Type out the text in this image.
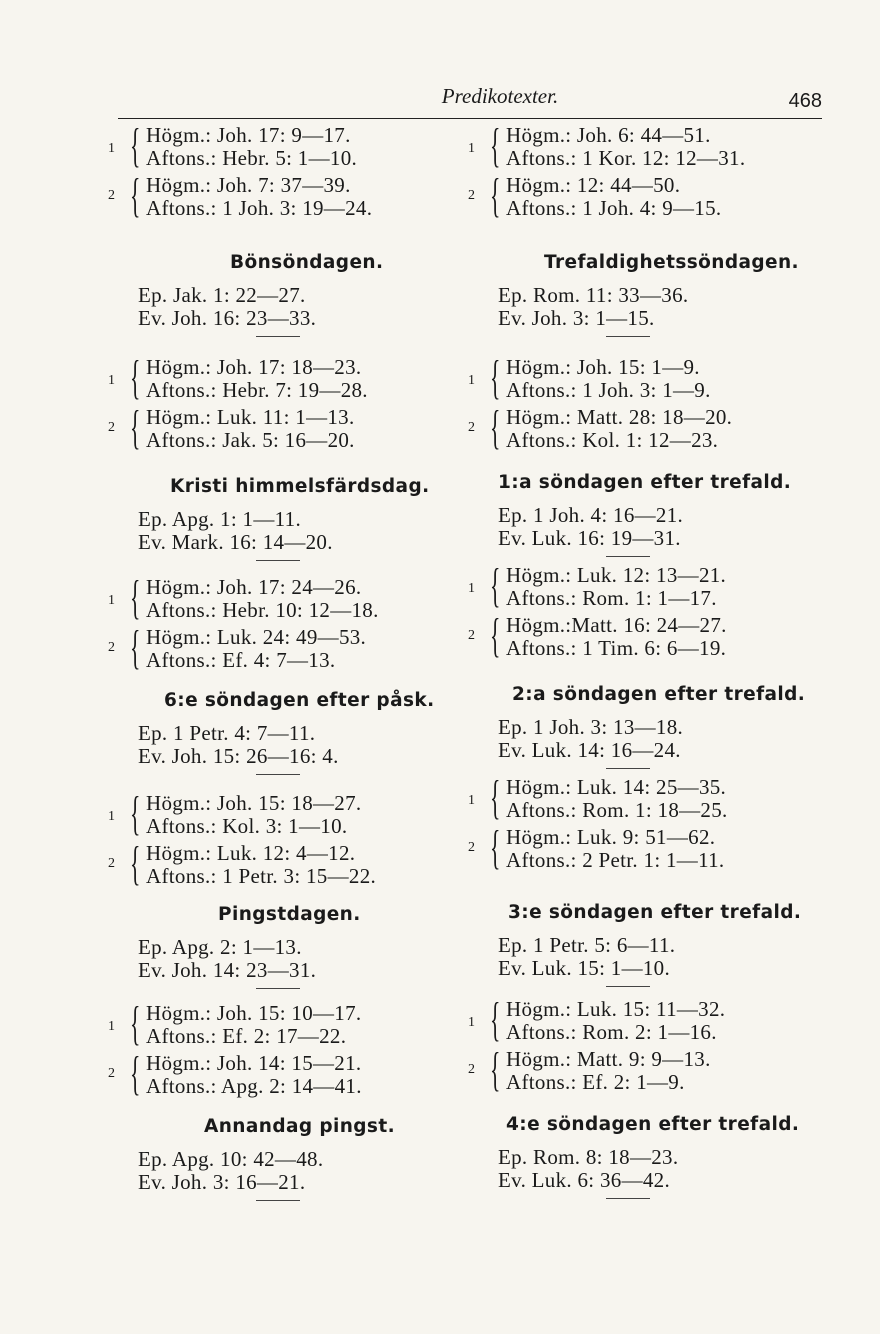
Predikotexter.	468
1 { Högm.: Joh. 17: 9—17.
Aftons.: Hebr. 5: 1—10.
2 { Högm.: Joh. 7: 37—39.
Aftons.: 1 Joh. 3: 19—24.
Bönsöndagen.
Ep. Jak. 1: 22—27.
Ev. Joh. 16: 23—33.
1 { Högm.: Joh. 17: 18—23.
Aftons.: Hebr. 7: 19—28.
2 { Högm.: Luk. 11: 1—13.
Aftons.: Jak. 5: 16—20.
Kristi himmelsfärdsdag.
Ep. Apg. 1: 1—11.
Ev. Mark. 16: 14—20.
1 { Högm.: Joh. 17: 24—26.
Aftons.: Hebr. 10: 12—18.
2 { Högm.: Luk. 24: 49—53.
Aftons.: Ef. 4: 7—13.
6:e söndagen efter påsk.
Ep. 1 Petr. 4: 7—11.
Ev. Joh. 15: 26—16: 4.
1 { Högm.: Joh. 15: 18—27.
Aftons.: Kol. 3: 1—10.
2 { Högm.: Luk. 12: 4—12.
Aftons.: 1 Petr. 3: 15—22.
Pingstdagen.
Ep. Apg. 2: 1—13.
Ev. Joh. 14: 23—31.
1 { Högm.: Joh. 15: 10—17.
Aftons.: Ef. 2: 17—22.
2 { Högm.: Joh. 14: 15—21.
Aftons.: Apg. 2: 14—41.
Annandag pingst.
Ep. Apg. 10: 42—48.
Ev. Joh. 3: 16—21.
1 { Högm.: Joh. 6: 44—51.
Aftons.: 1 Kor. 12: 12—31.
2 { Högm.: 12: 44—50.
Aftons.: 1 Joh. 4: 9—15.
Trefaldighetssöndagen.
Ep. Rom. 11: 33—36.
Ev. Joh. 3: 1—15.
1 { Högm.: Joh. 15: 1—9.
Aftons.: 1 Joh. 3: 1—9.
2 { Högm.: Matt. 28: 18—20.
Aftons.: Kol. 1: 12—23.
1:a söndagen efter trefald.
Ep. 1 Joh. 4: 16—21.
Ev. Luk. 16: 19—31.
1 { Högm.: Luk. 12: 13—21.
Aftons.: Rom. 1: 1—17.
2 { Högm.:Matt. 16: 24—27.
Aftons.: 1 Tim. 6: 6—19.
2:a söndagen efter trefald.
Ep. 1 Joh. 3: 13—18.
Ev. Luk. 14: 16—24.
1 { Högm.: Luk. 14: 25—35.
Aftons.: Rom. 1: 18—25.
2 { Högm.: Luk. 9: 51—62.
Aftons.: 2 Petr. 1: 1—11.
3:e söndagen efter trefald.
Ep. 1 Petr. 5: 6—11.
Ev. Luk. 15: 1—10.
1 { Högm.: Luk. 15: 11—32.
Aftons.: Rom. 2: 1—16.
2 { Högm.: Matt. 9: 9—13.
Aftons.: Ef. 2: 1—9.
4:e söndagen efter trefald.
Ep. Rom. 8: 18—23.
Ev. Luk. 6: 36—42.
